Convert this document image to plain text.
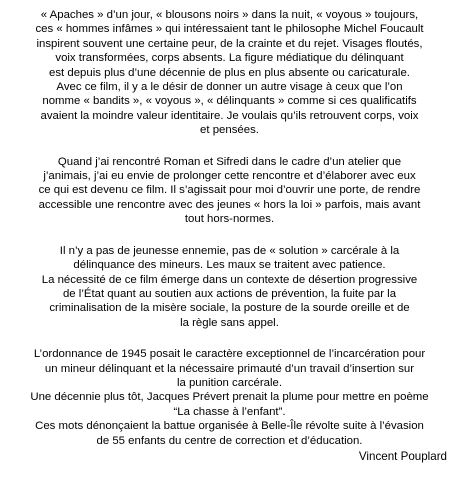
« Apaches » d’un jour, « blousons noirs » dans la nuit, « voyous » toujours,
ces « hommes infâmes » qui intéressaient tant le philosophe Michel Foucault
inspirent souvent une certaine peur, de la crainte et du rejet. Visages floutés,
voix transformées, corps absents. La figure médiatique du délinquant
est depuis plus d’une décennie de plus en plus absente ou caricaturale.
Avec ce film, il y a le désir de donner un autre visage à ceux que l’on
nomme « bandits », « voyous », « délinquants » comme si ces qualificatifs
avaient la moindre valeur identitaire. Je voulais qu’ils retrouvent corps, voix
et pensées.
Quand j’ai rencontré Roman et Sifredi dans le cadre d’un atelier que
j’animais, j’ai eu envie de prolonger cette rencontre et d’élaborer avec eux
ce qui est devenu ce film. Il s’agissait pour moi d’ouvrir une porte, de rendre
accessible une rencontre avec des jeunes « hors la loi » parfois, mais avant
tout hors-normes.
Il n’y a pas de jeunesse ennemie, pas de « solution » carcérale à la
délinquance des mineurs. Les maux se traitent avec patience.
La nécessité de ce film émerge dans un contexte de désertion progressive
de l’État quant au soutien aux actions de prévention, la fuite par la
criminalisation de la misère sociale, la posture de la sourde oreille et de
la règle sans appel.
L’ordonnance de 1945 posait le caractère exceptionnel de l’incarcération pour
un mineur délinquant et la nécessaire primauté d’un travail d’insertion sur
la punition carcérale.
Une décennie plus tôt, Jacques Prévert prenait la plume pour mettre en poème
“La chasse à l’enfant”.
Ces mots dénonçaient la battue organisée à Belle-Île révolte suite à l’évasion
de 55 enfants du centre de correction et d’éducation.
Vincent Pouplard
